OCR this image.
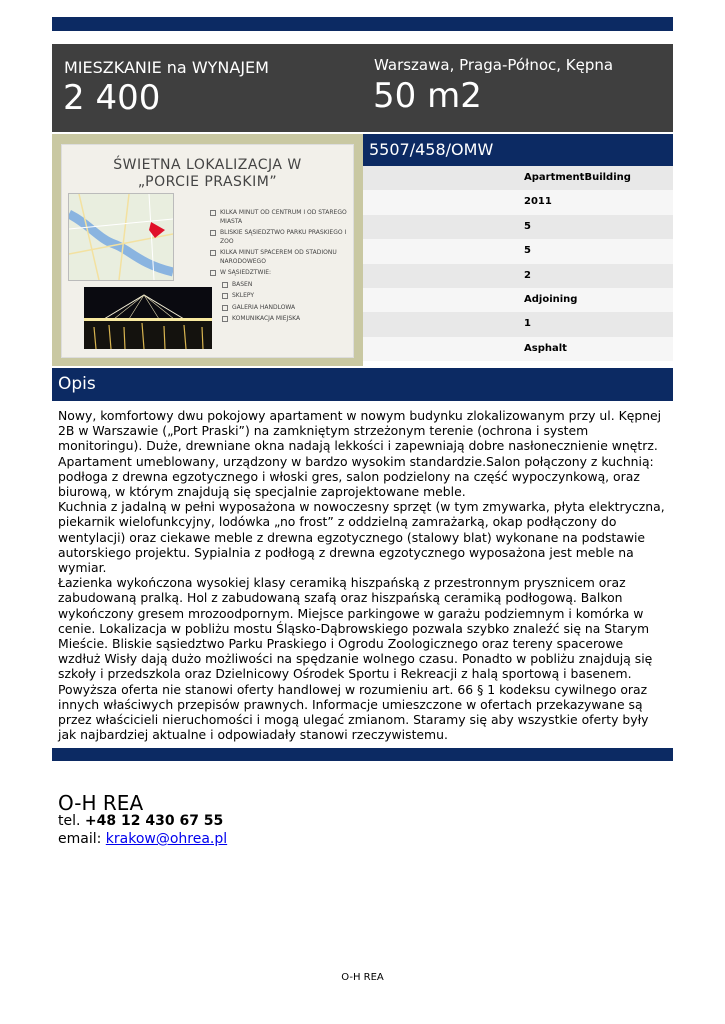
MIESZKANIE na WYNAJEM
2 400
Warszawa, Praga-Północ, Kępna
50 m2
ŚWIETNA LOKALIZACJA W
„PORCIE PRASKIM”
KILKA MINUT OD CENTRUM I OD STAREGO MIASTA
BLISKIE SĄSIEDZTWO PARKU PRASKIEGO I ZOO
KILKA MINUT SPACEREM OD STADIONU NARODOWEGO
W SĄSIEDZTWIE:
BASEN
SKLEPY
GALERIA HANDLOWA
KOMUNIKACJA MIEJSKA
5507/458/OMW
ApartmentBuilding
2011
5
5
2
Adjoining
1
Asphalt
Opis
Nowy, komfortowy dwu pokojowy apartament w nowym budynku zlokalizowanym przy ul. Kępnej 2B w Warszawie („Port Praski”) na zamkniętym strzeżonym terenie (ochrona i system monitoringu). Duże, drewniane okna nadają lekkości i zapewniają dobre nasłonecznienie wnętrz. Apartament umeblowany, urządzony w bardzo wysokim standardzie.Salon połączony z kuchnią: podłoga z drewna egzotycznego i włoski gres, salon podzielony na część wypoczynkową, oraz biurową, w którym znajdują się specjalnie zaprojektowane meble.
Kuchnia z jadalną w pełni wyposażona w nowoczesny sprzęt (w tym zmywarka, płyta elektryczna, piekarnik wielofunkcyjny, lodówka „no frost” z oddzielną zamrażarką, okap podłączony do wentylacji) oraz ciekawe meble z drewna egzotycznego (stalowy blat) wykonane na podstawie autorskiego projektu. Sypialnia z podłogą z drewna egzotycznego wyposażona jest meble na wymiar.
Łazienka wykończona wysokiej klasy ceramiką hiszpańską z przestronnym prysznicem oraz zabudowaną pralką. Hol z zabudowaną szafą oraz hiszpańską ceramiką podłogową. Balkon wykończony gresem mrozoodpornym. Miejsce parkingowe w garażu podziemnym i komórka w cenie. Lokalizacja w pobliżu mostu Śląsko-Dąbrowskiego pozwala szybko znaleźć się na Starym Mieście. Bliskie sąsiedztwo Parku Praskiego i Ogrodu Zoologicznego oraz tereny spacerowe wzdłuż Wisły dają dużo możliwości na spędzanie wolnego czasu. Ponadto w pobliżu znajdują się szkoły i przedszkola oraz Dzielnicowy Ośrodek Sportu i Rekreacji z halą sportową i basenem.
Powyższa oferta nie stanowi oferty handlowej w rozumieniu art. 66 § 1 kodeksu cywilnego oraz innych właściwych przepisów prawnych. Informacje umieszczone w ofertach przekazywane są przez właścicieli nieruchomości i mogą ulegać zmianom. Staramy się aby wszystkie oferty były jak najbardziej aktualne i odpowiadały stanowi rzeczywistemu.
O-H REA
tel. +48 12 430 67 55
email: krakow@ohrea.pl
O-H REA
